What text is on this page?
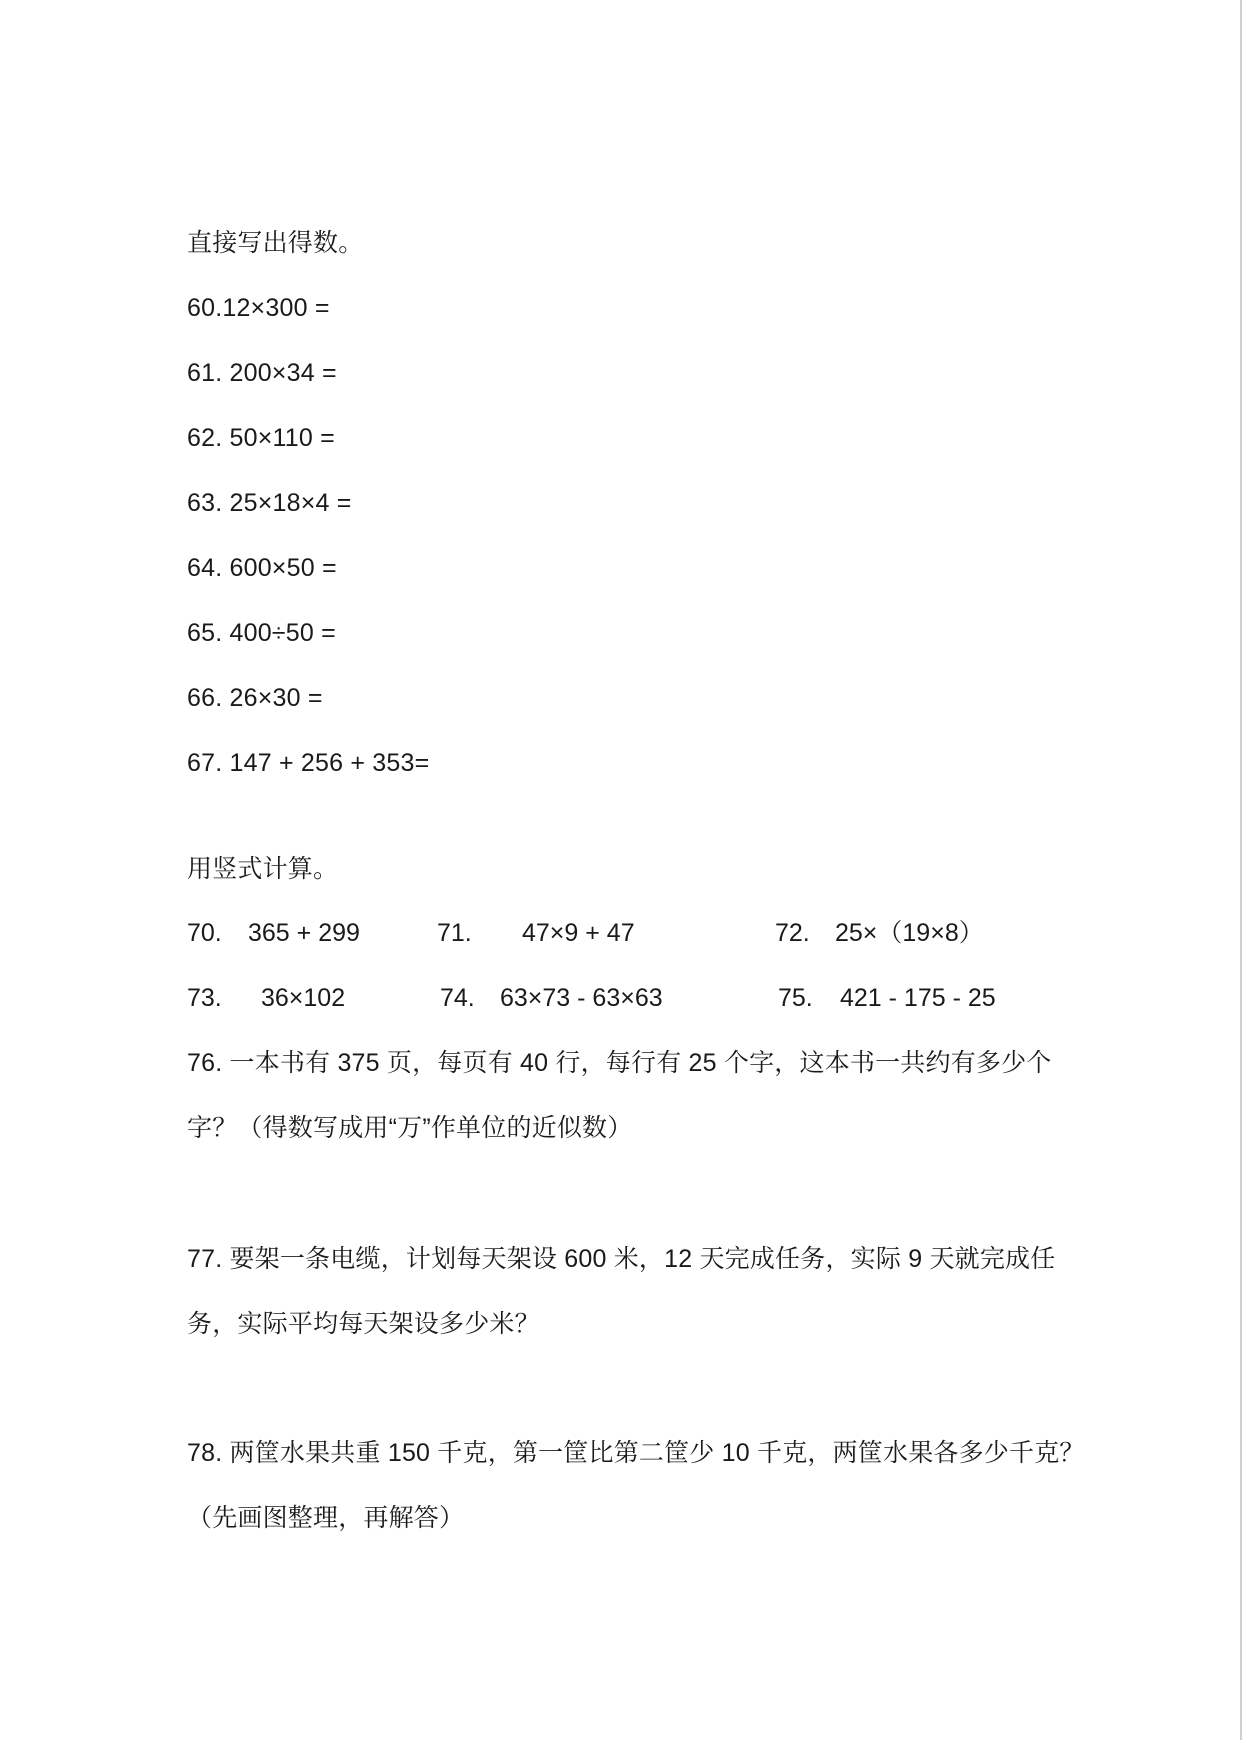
直接写出得数。
60.12×300 =
61. 200×34 =
62. 50×110 =
63. 25×18×4 =
64. 600×50 =
65. 400÷50 =
66. 26×30 =
67. 147 + 256 + 353=
用竖式计算。
70. 365 + 299	71. 47×9 + 47	72. 25×（19×8）
73. 36×102	74. 63×73 - 63×63	75. 421 - 175 - 25
76. 一本书有 375 页，每页有 40 行，每行有 25 个字，这本书一共约有多少个
字？（得数写成用“万”作单位的近似数）
77. 要架一条电缆，计划每天架设 600 米，12 天完成任务，实际 9 天就完成任
务，实际平均每天架设多少米？
78. 两筐水果共重 150 千克，第一筐比第二筐少 10 千克，两筐水果各多少千克？
（先画图整理，再解答）
